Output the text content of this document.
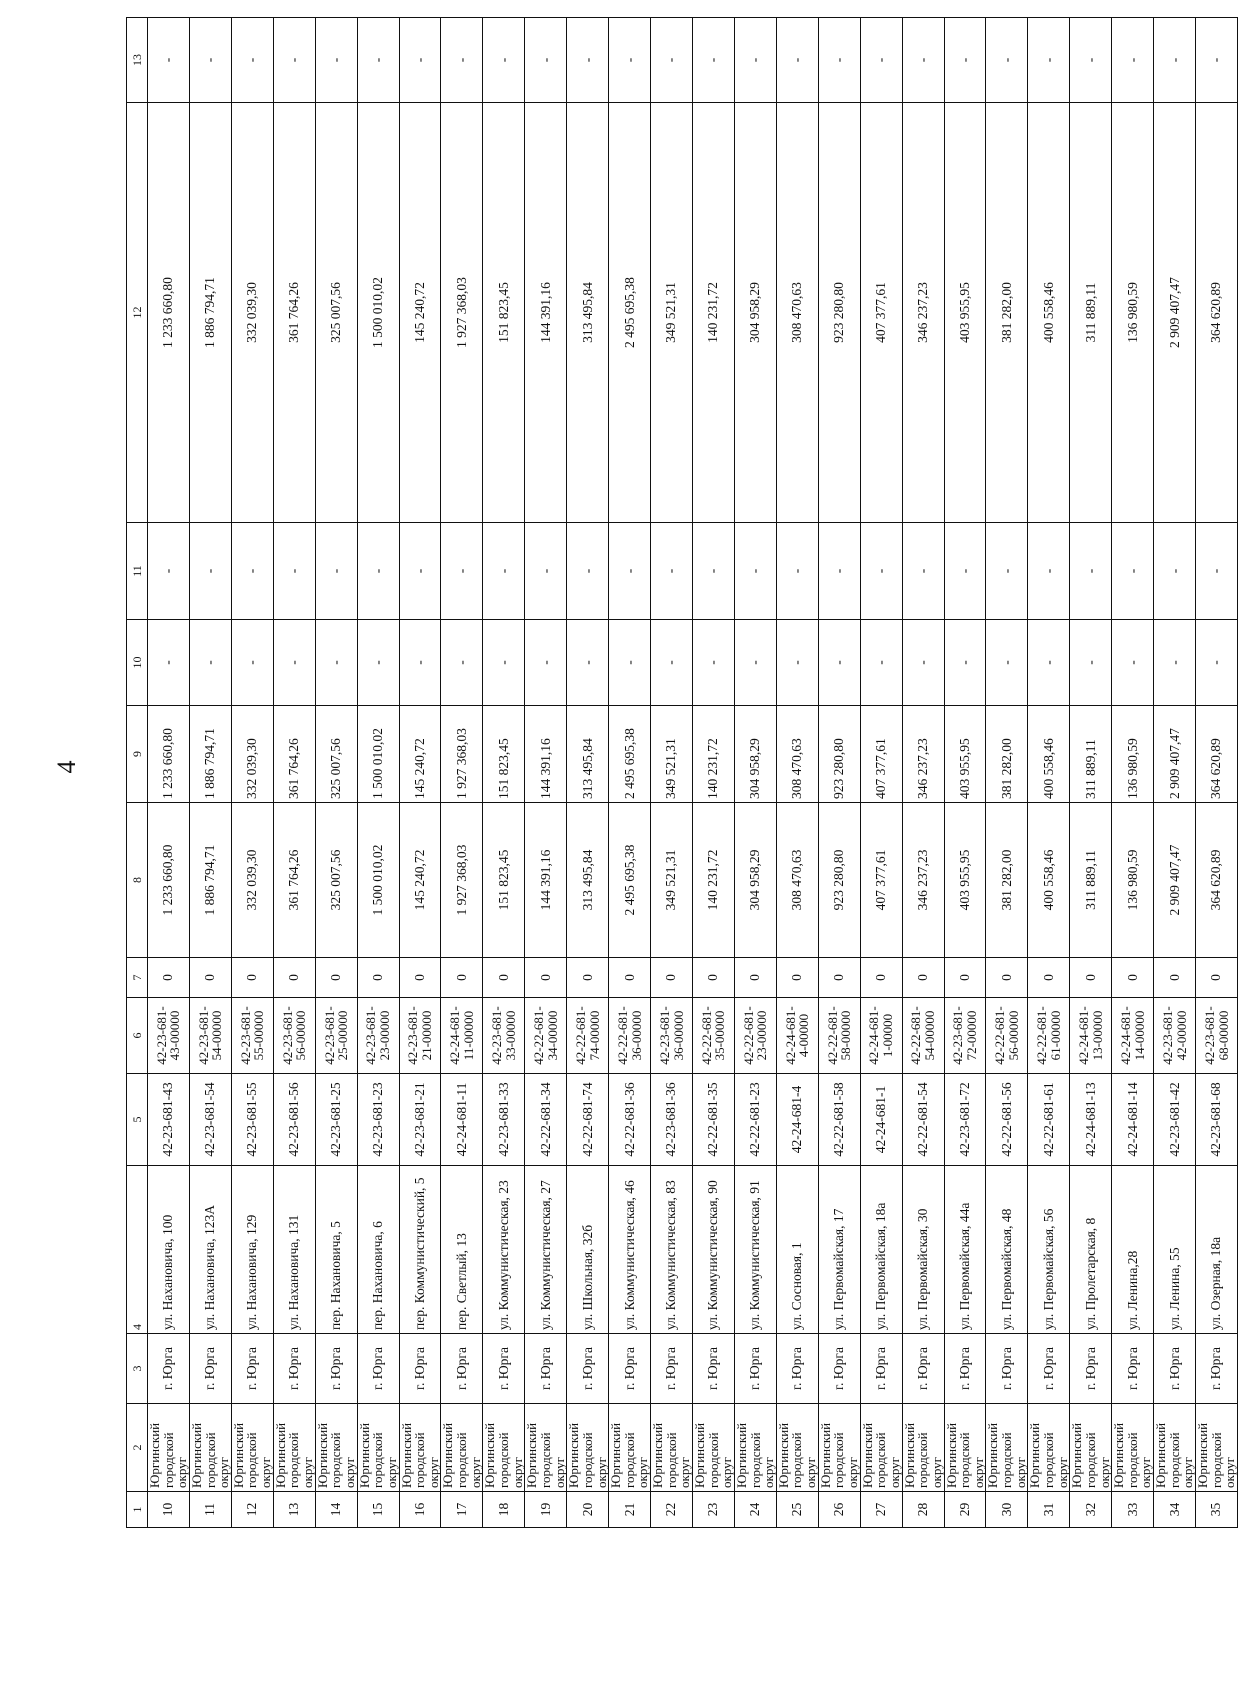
4
1	2	3	4	5	6	7	8	9	10	11	12	13
10	Юргинский городской округ	г. Юрга	ул. Нахановича, 100	42-23-681-43	42-23-681-43-00000	0	1 233 660,80	1 233 660,80	-	-	1 233 660,80	-
11	Юргинский городской округ	г. Юрга	ул. Нахановича, 123А	42-23-681-54	42-23-681-54-00000	0	1 886 794,71	1 886 794,71	-	-	1 886 794,71	-
12	Юргинский городской округ	г. Юрга	ул. Нахановича, 129	42-23-681-55	42-23-681-55-00000	0	332 039,30	332 039,30	-	-	332 039,30	-
13	Юргинский городской округ	г. Юрга	ул. Нахановича, 131	42-23-681-56	42-23-681-56-00000	0	361 764,26	361 764,26	-	-	361 764,26	-
14	Юргинский городской округ	г. Юрга	пер. Нахановича, 5	42-23-681-25	42-23-681-25-00000	0	325 007,56	325 007,56	-	-	325 007,56	-
15	Юргинский городской округ	г. Юрга	пер. Нахановича, 6	42-23-681-23	42-23-681-23-00000	0	1 500 010,02	1 500 010,02	-	-	1 500 010,02	-
16	Юргинский городской округ	г. Юрга	пер. Коммунистический, 5	42-23-681-21	42-23-681-21-00000	0	145 240,72	145 240,72	-	-	145 240,72	-
17	Юргинский городской округ	г. Юрга	пер. Светлый, 13	42-24-681-11	42-24-681-11-00000	0	1 927 368,03	1 927 368,03	-	-	1 927 368,03	-
18	Юргинский городской округ	г. Юрга	ул. Коммунистическая, 23	42-23-681-33	42-23-681-33-00000	0	151 823,45	151 823,45	-	-	151 823,45	-
19	Юргинский городской округ	г. Юрга	ул. Коммунистическая, 27	42-22-681-34	42-22-681-34-00000	0	144 391,16	144 391,16	-	-	144 391,16	-
20	Юргинский городской округ	г. Юрга	ул. Школьная, 32б	42-22-681-74	42-22-681-74-00000	0	313 495,84	313 495,84	-	-	313 495,84	-
21	Юргинский городской округ	г. Юрга	ул. Коммунистическая, 46	42-22-681-36	42-22-681-36-00000	0	2 495 695,38	2 495 695,38	-	-	2 495 695,38	-
22	Юргинский городской округ	г. Юрга	ул. Коммунистическая, 83	42-23-681-36	42-23-681-36-00000	0	349 521,31	349 521,31	-	-	349 521,31	-
23	Юргинский городской округ	г. Юрга	ул. Коммунистическая, 90	42-22-681-35	42-22-681-35-00000	0	140 231,72	140 231,72	-	-	140 231,72	-
24	Юргинский городской округ	г. Юрга	ул. Коммунистическая, 91	42-22-681-23	42-22-681-23-00000	0	304 958,29	304 958,29	-	-	304 958,29	-
25	Юргинский городской округ	г. Юрга	ул. Сосновая, 1	42-24-681-4	42-24-681-4-00000	0	308 470,63	308 470,63	-	-	308 470,63	-
26	Юргинский городской округ	г. Юрга	ул. Первомайская, 17	42-22-681-58	42-22-681-58-00000	0	923 280,80	923 280,80	-	-	923 280,80	-
27	Юргинский городской округ	г. Юрга	ул. Первомайская, 18а	42-24-681-1	42-24-681-1-00000	0	407 377,61	407 377,61	-	-	407 377,61	-
28	Юргинский городской округ	г. Юрга	ул. Первомайская, 30	42-22-681-54	42-22-681-54-00000	0	346 237,23	346 237,23	-	-	346 237,23	-
29	Юргинский городской округ	г. Юрга	ул. Первомайская, 44а	42-23-681-72	42-23-681-72-00000	0	403 955,95	403 955,95	-	-	403 955,95	-
30	Юргинский городской округ	г. Юрга	ул. Первомайская, 48	42-22-681-56	42-22-681-56-00000	0	381 282,00	381 282,00	-	-	381 282,00	-
31	Юргинский городской округ	г. Юрга	ул. Первомайская, 56	42-22-681-61	42-22-681-61-00000	0	400 558,46	400 558,46	-	-	400 558,46	-
32	Юргинский городской округ	г. Юрга	ул. Пролетарская, 8	42-24-681-13	42-24-681-13-00000	0	311 889,11	311 889,11	-	-	311 889,11	-
33	Юргинский городской округ	г. Юрга	ул. Ленина,28	42-24-681-14	42-24-681-14-00000	0	136 980,59	136 980,59	-	-	136 980,59	-
34	Юргинский городской округ	г. Юрга	ул. Ленина, 55	42-23-681-42	42-23-681-42-00000	0	2 909 407,47	2 909 407,47	-	-	2 909 407,47	-
35	Юргинский городской округ	г. Юрга	ул. Озерная, 18а	42-23-681-68	42-23-681-68-00000	0	364 620,89	364 620,89	-	-	364 620,89	-
